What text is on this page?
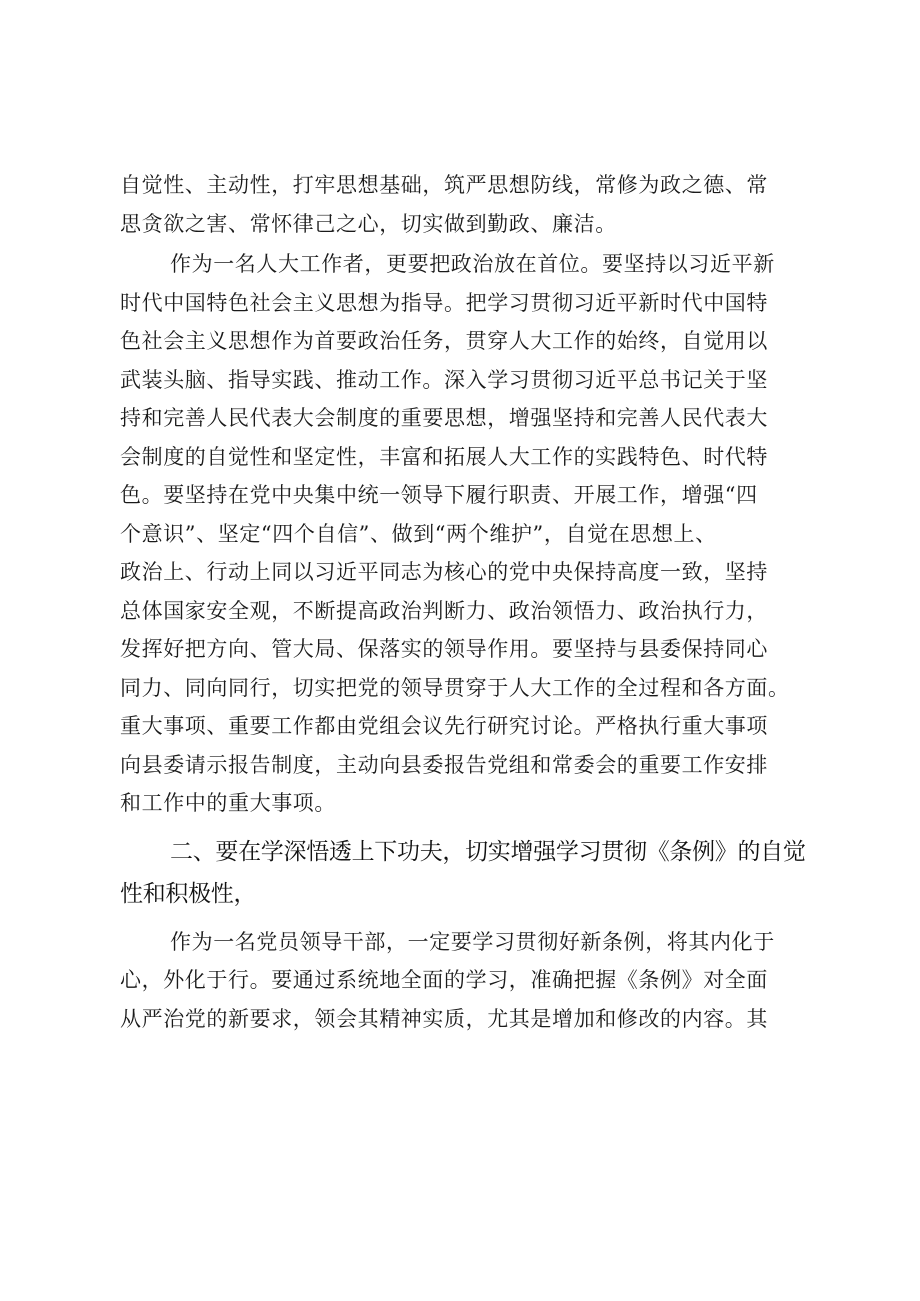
自觉性、主动性，打牢思想基础，筑严思想防线，常修为政之德、常
思贪欲之害、常怀律己之心，切实做到勤政、廉洁。
作为一名人大工作者，更要把政治放在首位。要坚持以习近平新
时代中国特色社会主义思想为指导。把学习贯彻习近平新时代中国特
色社会主义思想作为首要政治任务，贯穿人大工作的始终，自觉用以
武装头脑、指导实践、推动工作。深入学习贯彻习近平总书记关于坚
持和完善人民代表大会制度的重要思想，增强坚持和完善人民代表大
会制度的自觉性和坚定性，丰富和拓展人大工作的实践特色、时代特
色。要坚持在党中央集中统一领导下履行职责、开展工作，增强“四
个意识”、坚定“四个自信”、做到“两个维护”，自觉在思想上、
政治上、行动上同以习近平同志为核心的党中央保持高度一致，坚持
总体国家安全观，不断提高政治判断力、政治领悟力、政治执行力，
发挥好把方向、管大局、保落实的领导作用。要坚持与县委保持同心
同力、同向同行，切实把党的领导贯穿于人大工作的全过程和各方面。
重大事项、重要工作都由党组会议先行研究讨论。严格执行重大事项
向县委请示报告制度，主动向县委报告党组和常委会的重要工作安排
和工作中的重大事项。
二、要在学深悟透上下功夫，切实增强学习贯彻《条例》的自觉
性和积极性，
作为一名党员领导干部，一定要学习贯彻好新条例，将其内化于
心，外化于行。要通过系统地全面的学习，准确把握《条例》对全面
从严治党的新要求，领会其精神实质，尤其是增加和修改的内容。其
